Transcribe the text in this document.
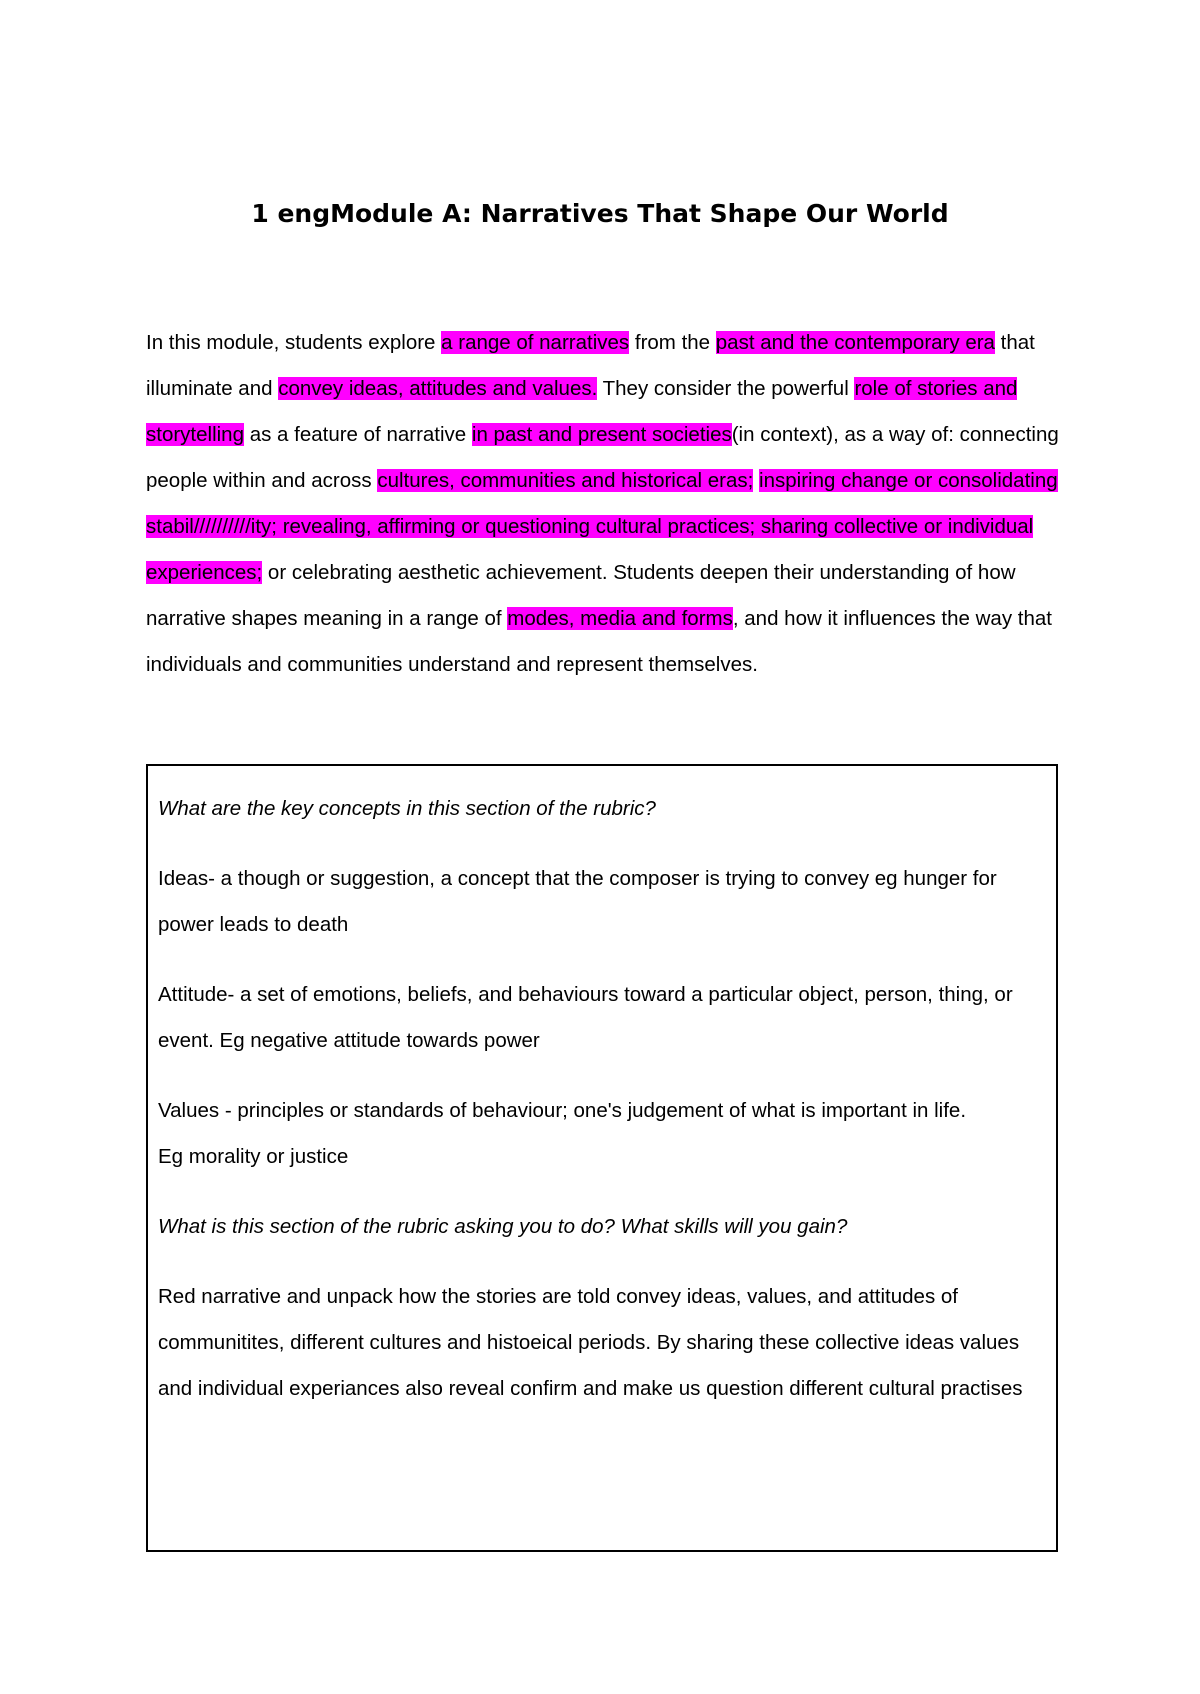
1 engModule A: Narratives That Shape Our World

In this module, students explore a range of narratives from the past and the contemporary era that illuminate and convey ideas, attitudes and values. They consider the powerful role of stories and storytelling as a feature of narrative in past and present societies(in context), as a way of: connecting people within and across cultures, communities and historical eras; inspiring change or consolidating stabil//////////ity; revealing, affirming or questioning cultural practices; sharing collective or individual experiences; or celebrating aesthetic achievement. Students deepen their understanding of how narrative shapes meaning in a range of modes, media and forms, and how it influences the way that individuals and communities understand and represent themselves.

What are the key concepts in this section of the rubric?

Ideas- a though or suggestion, a concept that the composer is trying to convey eg hunger for power leads to death

Attitude- a set of emotions, beliefs, and behaviours toward a particular object, person, thing, or event. Eg negative attitude towards power

Values - principles or standards of behaviour; one's judgement of what is important in life.

Eg morality or justice

What is this section of the rubric asking you to do? What skills will you gain?

Red narrative and unpack how the stories are told convey ideas, values, and attitudes of communitites, different cultures and histoeical periods. By sharing these collective ideas values and individual experiances also reveal confirm and make us question different cultural practises
